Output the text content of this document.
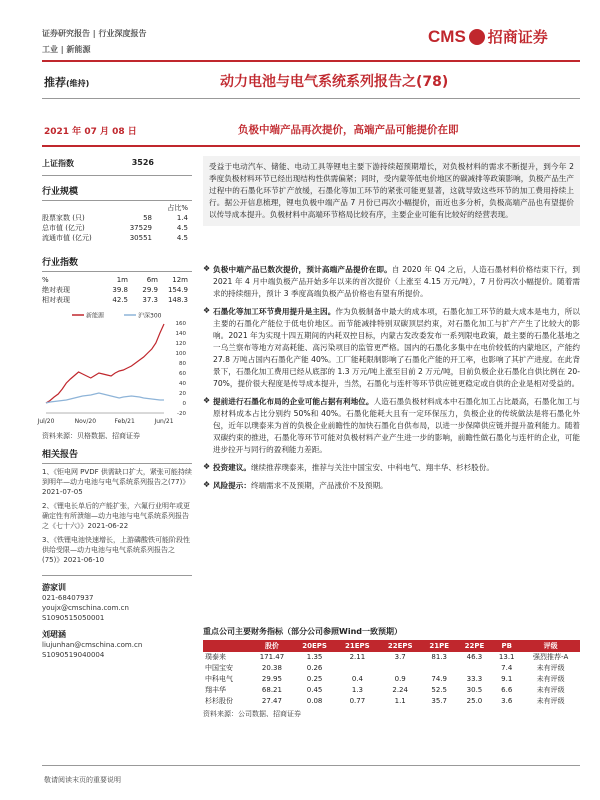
证券研究报告 | 行业深度报告
工业 | 新能源
CMS 招商证券
推荐(维持)	动力电池与电气系统系列报告之(78)
2021 年 07 月 08 日	负极中端产品再次提价，高端产品可能提价在即
上证指数	3526
行业规模
占比%
股票家数 (只)	58	1.4
总市值 (亿元)	37529	4.5
流通市值 (亿元)	30551	4.5
行业指数
%	1m	6m	12m
绝对表现	39.8	29.9	154.9
相对表现	42.5	37.3	148.3
新能源	沪深300
160
140
120
100
80
60
40
20
0
-20
Jul/20	Nov/20	Feb/21	Jun/21
资料来源：贝格数据、招商证券
相关报告
1、《钜电网 PVDF 供需缺口扩大，紧张可能持续到明年—动力电池与电气系统系列报告之(77)》2021-07-05
2、《锂电长单后的产能扩张，六氟行业明年或更确定性有所溃缩—动力电池与电气系统系列报告之《七十六》》2021-06-22
3、《铁锂电池快速增长，上游磷酸铁可能阶段性供给受限—动力电池与电气系统系列报告之(75)》2021-06-10
游家训
021-68407937
youjx@cmschina.com.cn
S1090515050001
刘珺涵
liujunhan@cmschina.com.cn
S1090519040004
受益于电动汽车、储能、电动工具等锂电主要下游持续超预期增长，对负极材料的需求不断提升，到今年 2 季度负极材料环节已经出现结构性供需偏紧；同时，受内蒙等低电价地区的碳减排等政策影响，负极产品生产过程中的石墨化环节扩产放缓，石墨化等加工环节的紧张可能更显著，这就导致这些环节的加工费用持续上行。据公开信息梳理，锂电负极中端产品 7 月份已再次小幅提价，而近也多分析，负极高端产品也有望提价以传导成本提升。负极材料中高端环节格局比较有序，主要企业可能有比较好的经营表现。
❖ 负极中端产品已数次提价，预计高端产品提价在即。自 2020 年 Q4 之后，人造石墨材料价格结束下行，到 2021 年 4 月中端负极产品开始多年以来的首次提价（上涨至 4.15 万元/吨），7 月份再次小幅提价。随着需求的持续细升，预计 3 季度高端负极产品价格也有望有所提价。
❖ 石墨化等加工环节费用提升是主因。作为负极制备中最大的成本项，石墨化加工环节的最大成本是电力，所以主要的石墨化产能位于低电价地区。而节能减排特别双碳顶层约束，对石墨化加工与扩产产生了比较大的影响。2021 年为实现十四五期间的内耗双控目标，内蒙古发改委发布一系列限电政策，最主要的石墨化基地之一乌兰察布等地方对高耗能、高污染项目的监管更严格。国内的石墨化多集中在电价较低的内蒙地区，产能约 27.8 万吨占国内石墨化产能 40%。工厂能耗限制影响了石墨化产能的开工率，也影响了其扩产进度。在此背景下，石墨化加工费用已经从底部的 1.3 万元/吨上涨至目前 2 万元/吨，目前负极企业石墨化自供比例在 20-70%，提价很大程度是传导成本提升，当然，石墨化与连杆等环节供应链更稳定或自供的企业是相对受益的。
❖ 提前进行石墨化布局的企业可能占据有利地位。人造石墨负极材料成本中石墨化加工占比最高，石墨化加工与原材料成本占比分别约 50%和 40%。石墨化能耗大且有一定环保压力，负极企业的传统做法是将石墨化外包，近年以璞泰来为首的负极企业前瞻性的加快石墨化自供布局，以进一步保障供应链并提升盈利能力。随着双碳约束的推进，石墨化等环节可能对负极材料产业产生进一步的影响，前瞻性做石墨化与连杆的企业，可能进步拉开与同行的盈利能力差距。
❖ 投资建议。继续推荐璞泰来，推荐与关注中国宝安、中科电气、翔丰华、杉杉股份。
❖ 风险提示：终端需求不及预期，产品涨价不及预期。
重点公司主要财务指标（部分公司参照Wind一致预期）
	股价	20EPS	21EPS	22EPS	21PE	22PE	PB	评级
璞泰来	171.47	1.35	2.11	3.7	81.3	46.3	13.1	强烈推荐-A
中国宝安	20.38	0.26					7.4	未有评级
中科电气	29.95	0.25	0.4	0.9	74.9	33.3	9.1	未有评级
翔丰华	68.21	0.45	1.3	2.24	52.5	30.5	6.6	未有评级
杉杉股份	27.47	0.08	0.77	1.1	35.7	25.0	3.6	未有评级
资料来源：公司数据、招商证券
敬请阅读末页的重要说明
